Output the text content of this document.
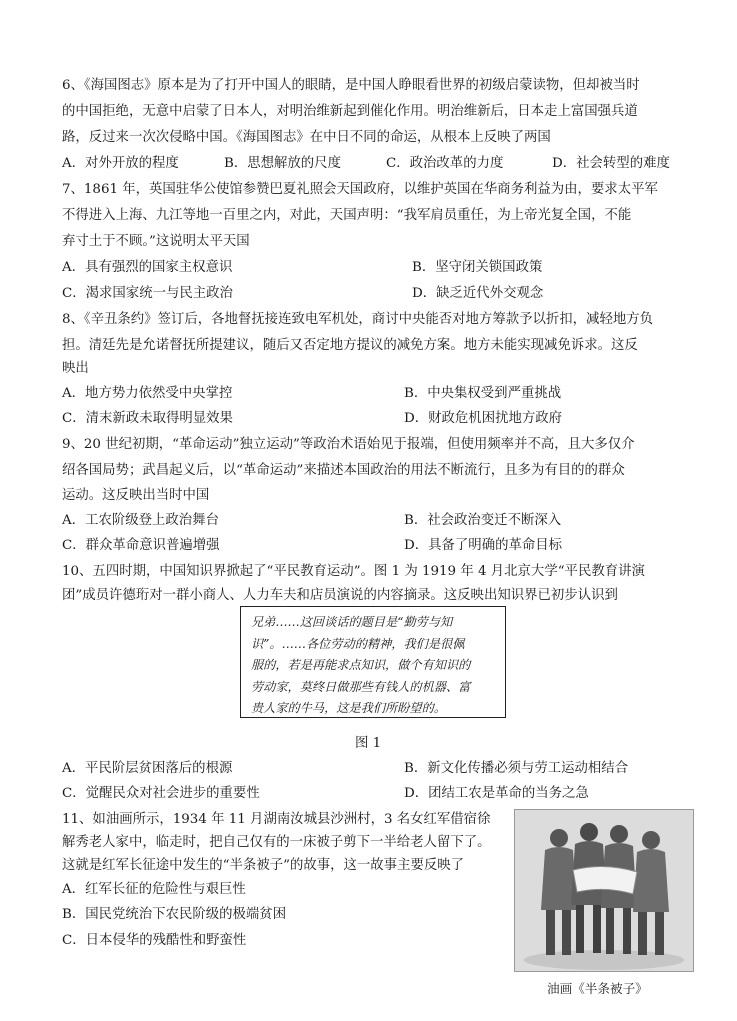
6、《海国图志》原本是为了打开中国人的眼睛，是中国人睁眼看世界的初级启蒙读物，但却被当时
的中国拒绝，无意中启蒙了日本人，对明治维新起到催化作用。明治维新后，日本走上富国强兵道
路，反过来一次次侵略中国。《海国图志》在中日不同的命运，从根本上反映了两国
A．对外开放的程度	B．思想解放的尺度	C．政治改革的力度	D．社会转型的难度
7、1861 年，英国驻华公使馆参赞巴夏礼照会天国政府，以维护英国在华商务利益为由，要求太平军
不得进入上海、九江等地一百里之内，对此，天国声明：“我军肩员重任，为上帝光复全国，不能
弃寸土于不顾。”这说明太平天国
A．具有强烈的国家主权意识	B．坚守闭关锁国政策
C．渴求国家统一与民主政治	D．缺乏近代外交观念
8、《辛丑条约》签订后，各地督抚接连致电军机处，商讨中央能否对地方筹款予以折扣，减轻地方负
担。清廷先是允诺督抚所提建议，随后又否定地方提议的减免方案。地方未能实现减免诉求。这反
映出
A．地方势力依然受中央掌控	B．中央集权受到严重挑战
C．清末新政未取得明显效果	D．财政危机困扰地方政府
9、20 世纪初期，“革命运动”独立运动”等政治术语始见于报端，但使用频率并不高，且大多仅介
绍各国局势；武昌起义后，以“革命运动”来描述本国政治的用法不断流行，且多为有目的的群众
运动。这反映出当时中国
A．工农阶级登上政治舞台	B．社会政治变迁不断深入
C．群众革命意识普遍增强	D．具备了明确的革命目标
10、五四时期，中国知识界掀起了“平民教育运动”。图 1 为 1919 年 4 月北京大学“平民教育讲演
团”成员许德珩对一群小商人、人力车夫和店员演说的内容摘录。这反映出知识界已初步认识到
兄弟……这回谈话的题目是“勤劳与知
识”。……各位劳动的精神，我们是很佩
服的，若是再能求点知识，做个有知识的
劳动家，莫终日做那些有钱人的机器、富
贵人家的牛马，这是我们所盼望的。
图 1
A．平民阶层贫困落后的根源	B．新文化传播必须与劳工运动相结合
C．觉醒民众对社会进步的重要性	D．团结工农是革命的当务之急
11、如油画所示，1934 年 11 月湖南汝城县沙洲村，3 名女红军借宿徐
解秀老人家中，临走时，把自己仅有的一床被子剪下一半给老人留下了。
这就是红军长征途中发生的“半条被子”的故事，这一故事主要反映了
A．红军长征的危险性与艰巨性
B．国民党统治下农民阶级的极端贫困
C．日本侵华的残酷性和野蛮性
油画《半条被子》
